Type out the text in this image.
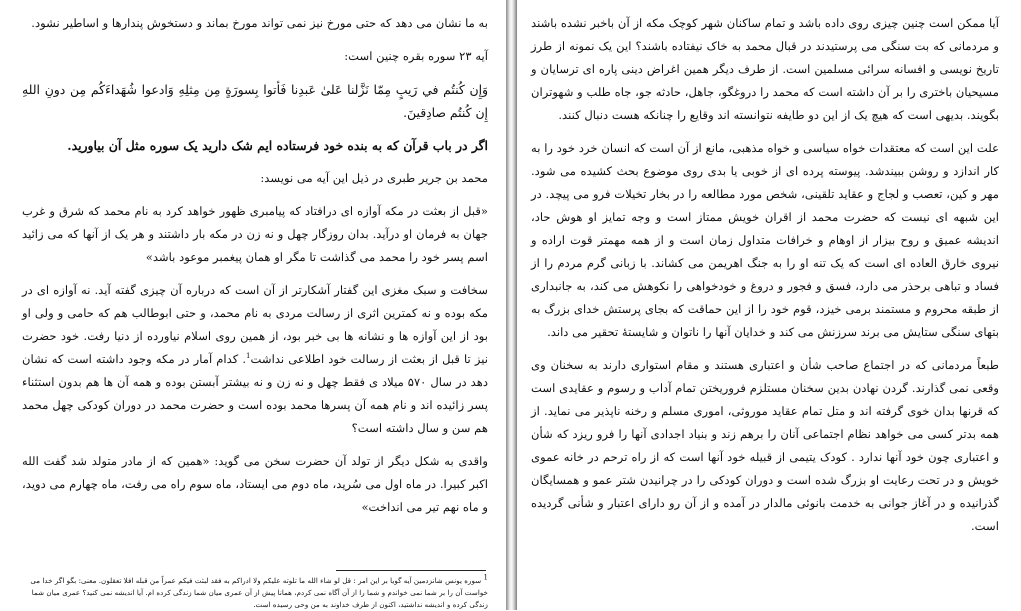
به ما نشان می دهد که حتی مورخ نیز نمی تواند مورخ بماند و دستخوش پندارها و اساطیر نشود.

آیه ۲۳ سوره بقره چنین است:

وَإِن كُنتُم في رَيبٍ مِمّا نَزَّلنا عَلىٰ عَبدِنا فَأتوا بِسورَةٍ مِن مِثلِهِ وَادعوا شُهَداءَكُم مِن دونِ اللهِ إِن كُنتُم صادِقينَ.

اگر در باب قرآن که به بنده خود فرستاده ایم شک دارید یک سوره مثل آن بیاورید.

محمد بن جریر طبری در ذیل این آیه می نویسد:

«قبل از بعثت در مکه آوازه ای درافتاد که پیامبری ظهور خواهد کرد به نام محمد که شرق و غرب جهان به فرمان او درآید. بدان روزگار چهل و نه زن در مکه بار داشتند و هر یک از آنها که می زائید اسم پسر خود را محمد می گذاشت تا مگر او همان پیغمبر موعود باشد»

سخافت و سبک مغزی این گفتار آشکارتر از آن است که درباره آن چیزی گفته آید. نه آوازه ای در مکه بوده و نه کمترین اثری از رسالت مردی به نام محمد، و حتی ابوطالب هم که حامی و ولی او بود از این آوازه ها و نشانه ها بی خبر بود، از همین روی اسلام نیاورده از دنیا رفت. خود حضرت نیز تا قبل از بعثت از رسالت خود اطلاعی نداشت$^1$. کدام آمار در مکه وجود داشته است که نشان دهد در سال ۵۷۰ میلاد ی فقط چهل و نه زن و نه بیشتر آبستن بوده و همه آن ها هم بدون استثناء پسر زائیده اند و نام همه آن پسرها محمد بوده است و حضرت محمد در دوران کودکی چهل محمد هم سن و سال داشته است؟

واقدی به شکل دیگر از تولد آن حضرت سخن می گوید: «همین که از مادر متولد شد گفت الله اکبر کبیرا. در ماه اول می سُرید، ماه دوم می ایستاد، ماه سوم راه می رفت، ماه چهارم می دوید، و ماه نهم تیر می انداخت»

$^1$ سوره یونس شانزدمین آیه گویا بر این امر : قل لو شاء الله ما تلوته علیکم ولا ادراکم به فقد لبثت فیکم عمراً من قبله افلا تعقلون. معنی: بگو اگر خدا می خواست آن را بر شما نمی خواندم و شما را از آن آگاه نمی کردم، همانا پیش از آن عمری میان شما زندگی کرده ام. آیا اندیشه نمی کنید؟ عمری میان شما زندگی کرده و اندیشه نداشتید، اکنون از طرف خداوند به من وحی رسیده است.

آیا ممکن است چنین چیزی روی داده باشد و تمام ساکنان شهر کوچک مکه از آن باخبر نشده باشند و مردمانی که بت سنگی می پرستیدند در قبال محمد به خاک نیفتاده باشند؟ این یک نمونه از طرز تاریخ نویسی و افسانه سرائی مسلمین است. از طرف دیگر همین اغراض دینی پاره ای ترسایان و مسیحیان باختری را بر آن داشته است که محمد را دروغگو، جاهل، حادثه جو، جاه طلب و شهوتران بگویند. بدیهی است که هیچ یک از این دو طایفه نتوانسته اند وقایع را چنانکه هست دنبال کنند.

علت این است که معتقدات خواه سیاسی و خواه مذهبی، مانع از آن است که انسان خرد خود را به کار اندازد و روشن ببیندشد. پیوسته پرده ای از خوبی یا بدی روی موضوع بحث کشیده می شود. مهر و کین، تعصب و لجاج و عقاید تلقینی، شخص مورد مطالعه را در بخار تخیلات فرو می پیچد. در این شبهه ای نیست که حضرت محمد از اقران خویش ممتاز است و وجه تمایز او هوش حاد، اندیشه عمیق و روح بیزار از اوهام و خرافات متداول زمان است و از همه مهمتر قوت اراده و نیروی خارق العاده ای است که یک تنه او را به جنگ اهریمن می کشاند. با زبانی گرم مردم را از فساد و تباهی برحذر می دارد، فسق و فجور و دروغ و خودخواهی را نکوهش می کند، به جانبداری از طبقه محروم و مستمند برمی خیزد، قوم خود را از این حماقت که بجای پرستش خدای بزرگ به بتهای سنگی ستایش می برند سرزنش می کند و خدایان آنها را ناتوان و شایستهٔ تحقیر می داند.

طبعاً مردمانی که در اجتماع صاحب شأن و اعتباری هستند و مقام استواری دارند به سخنان وی وقعی نمی گذارند. گردن نهادن بدین سخنان مستلزم فروریختن تمام آداب و رسوم و عقایدی است که قرنها بدان خوی گرفته اند و متل تمام عقاید موروثی، اموری مسلم و رخنه ناپذیر می نماید. از همه بدتر کسی می خواهد نظام اجتماعی آنان را برهم زند و بنیاد اجدادی آنها را فرو ریزد که شأن و اعتباری چون خود آنها ندارد . کودک یتیمی از قبیله خود آنها است که از راه ترحم در خانه عموی خویش و در تحت رعایت او بزرگ شده است و دوران کودکی را در چرانیدن شتر عمو و همسایگان گذرانیده و در آغاز جوانی به خدمت بانوئی مالدار در آمده و از آن رو دارای اعتبار و شأنی گردیده است.
